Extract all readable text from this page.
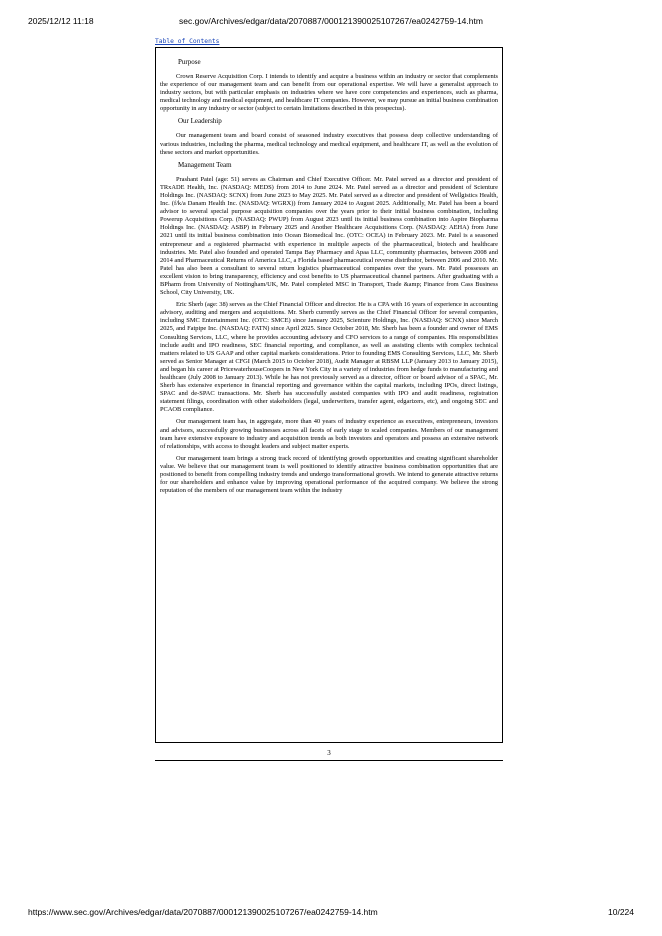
2025/12/12 11:18	sec.gov/Archives/edgar/data/2070887/000121390025107267/ea0242759-14.htm
Table of Contents
Purpose

Crown Reserve Acquisition Corp. I intends to identify and acquire a business within an industry or sector that complements the experience of our management team and can benefit from our operational expertise. We will have a generalist approach to industry sectors, but with particular emphasis on industries where we have core competencies and experiences, such as pharma, medical technology and medical equipment, and healthcare IT companies. However, we may pursue an initial business combination opportunity in any industry or sector (subject to certain limitations described in this prospectus).

Our Leadership

Our management team and board consist of seasoned industry executives that possess deep collective understanding of various industries, including the pharma, medical technology and medical equipment, and healthcare IT, as well as the evolution of these sectors and market opportunities.

Management Team

Prashant Patel (age: 51) serves as Chairman and Chief Executive Officer. Mr. Patel served as a director and president of TRxADE Health, Inc. (NASDAQ: MEDS) from 2014 to June 2024. Mr. Patel served as a director and president of Scienture Holdings Inc. (NASDAQ: SCNX) from June 2023 to May 2025. Mr. Patel served as a director and president of Wellgistics Health, Inc. (f/k/a Danam Health Inc. (NASDAQ: WGRX)) from January 2024 to August 2025. Additionally, Mr. Patel has been a board advisor to several special purpose acquisition companies over the years prior to their initial business combination, including Powerup Acquisitions Corp. (NASDAQ: PWUP) from August 2023 until its initial business combination into Aspire Biopharma Holdings Inc. (NASDAQ: ASBP) in February 2025 and Another Healthcare Acquisitions Corp. (NASDAQ: AEHA) from June 2021 until its initial business combination into Ocean Biomedical Inc. (OTC: OCEA) in February 2023. Mr. Patel is a seasoned entrepreneur and a registered pharmacist with experience in multiple aspects of the pharmaceutical, biotech and healthcare industries. Mr. Patel also founded and operated Tampa Bay Pharmacy and Apaa LLC, community pharmacies, between 2008 and 2014 and Pharmaceutical Returns of America LLC, a Florida based pharmaceutical reverse distributor, between 2006 and 2010. Mr. Patel has also been a consultant to several return logistics pharmaceutical companies over the years. Mr. Patel possesses an excellent vision to bring transparency, efficiency and cost benefits to US pharmaceutical channel partners. After graduating with a BPharm from University of Nottingham/UK, Mr. Patel completed MSC in Transport, Trade &amp; Finance from Cass Business School, City University, UK.

Eric Sherb (age: 38) serves as the Chief Financial Officer and director. He is a CPA with 16 years of experience in accounting advisory, auditing and mergers and acquisitions. Mr. Sherb currently serves as the Chief Financial Officer for several companies, including SMC Entertainment Inc. (OTC: SMCE) since January 2025, Scienture Holdings, Inc. (NASDAQ: SCNX) since March 2025, and Fatpipe Inc. (NASDAQ: FATN) since April 2025. Since October 2018, Mr. Sherb has been a founder and owner of EMS Consulting Services, LLC, where he provides accounting advisory and CFO services to a range of companies. His responsibilities include audit and IPO readiness, SEC financial reporting, and compliance, as well as assisting clients with complex technical matters related to US GAAP and other capital markets considerations. Prior to founding EMS Consulting Services, LLC, Mr. Sherb served as Senior Manager at CFGI (March 2015 to October 2018), Audit Manager at RBSM LLP (January 2013 to January 2015), and began his career at PricewaterhouseCoopers in New York City in a variety of industries from hedge funds to manufacturing and healthcare (July 2008 to January 2013). While he has not previously served as a director, officer or board advisor of a SPAC, Mr. Sherb has extensive experience in financial reporting and governance within the capital markets, including IPOs, direct listings, SPAC and de-SPAC transactions. Mr. Sherb has successfully assisted companies with IPO and audit readiness, registration statement filings, coordination with other stakeholders (legal, underwriters, transfer agent, edgarizers, etc), and ongoing SEC and PCAOB compliance.

Our management team has, in aggregate, more than 40 years of industry experience as executives, entrepreneurs, investors and advisors, successfully growing businesses across all facets of early stage to scaled companies. Members of our management team have extensive exposure to industry and acquisition trends as both investors and operators and possess an extensive network of relationships, with access to thought leaders and subject matter experts.

Our management team brings a strong track record of identifying growth opportunities and creating significant shareholder value. We believe that our management team is well positioned to identify attractive business combination opportunities that are positioned to benefit from compelling industry trends and undergo transformational growth. We intend to generate attractive returns for our shareholders and enhance value by improving operational performance of the acquired company. We believe the strong reputation of the members of our management team within the industry

3
https://www.sec.gov/Archives/edgar/data/2070887/000121390025107267/ea0242759-14.htm	10/224
